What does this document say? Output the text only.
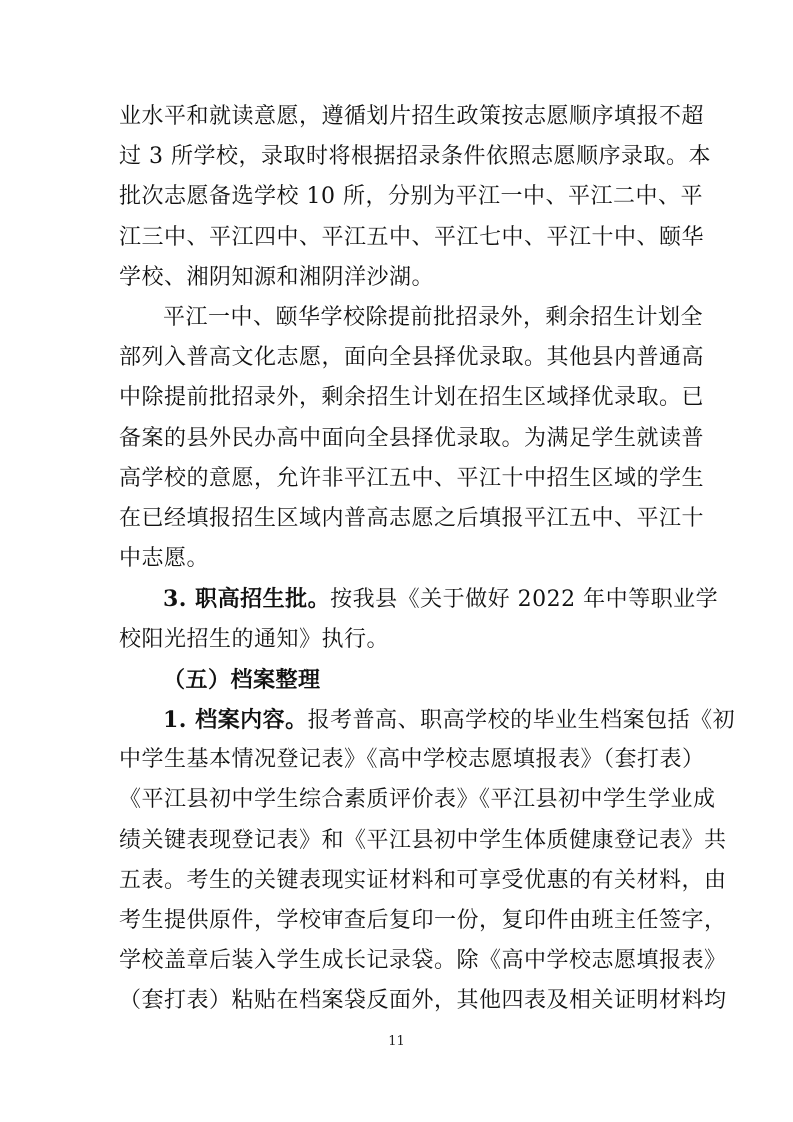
业水平和就读意愿，遵循划片招生政策按志愿顺序填报不超
过 3 所学校，录取时将根据招录条件依照志愿顺序录取。本
批次志愿备选学校 10 所，分别为平江一中、平江二中、平
江三中、平江四中、平江五中、平江七中、平江十中、颐华
学校、湘阴知源和湘阴洋沙湖。
平江一中、颐华学校除提前批招录外，剩余招生计划全
部列入普高文化志愿，面向全县择优录取。其他县内普通高
中除提前批招录外，剩余招生计划在招生区域择优录取。已
备案的县外民办高中面向全县择优录取。为满足学生就读普
高学校的意愿，允许非平江五中、平江十中招生区域的学生
在已经填报招生区域内普高志愿之后填报平江五中、平江十
中志愿。
3. 职高招生批。按我县《关于做好 2022 年中等职业学
校阳光招生的通知》执行。
（五）档案整理
1. 档案内容。报考普高、职高学校的毕业生档案包括《初
中学生基本情况登记表》《高中学校志愿填报表》（套打表）
《平江县初中学生综合素质评价表》《平江县初中学生学业成
绩关键表现登记表》和《平江县初中学生体质健康登记表》共
五表。考生的关键表现实证材料和可享受优惠的有关材料，由
考生提供原件，学校审查后复印一份，复印件由班主任签字，
学校盖章后装入学生成长记录袋。除《高中学校志愿填报表》
（套打表）粘贴在档案袋反面外，其他四表及相关证明材料均
11
